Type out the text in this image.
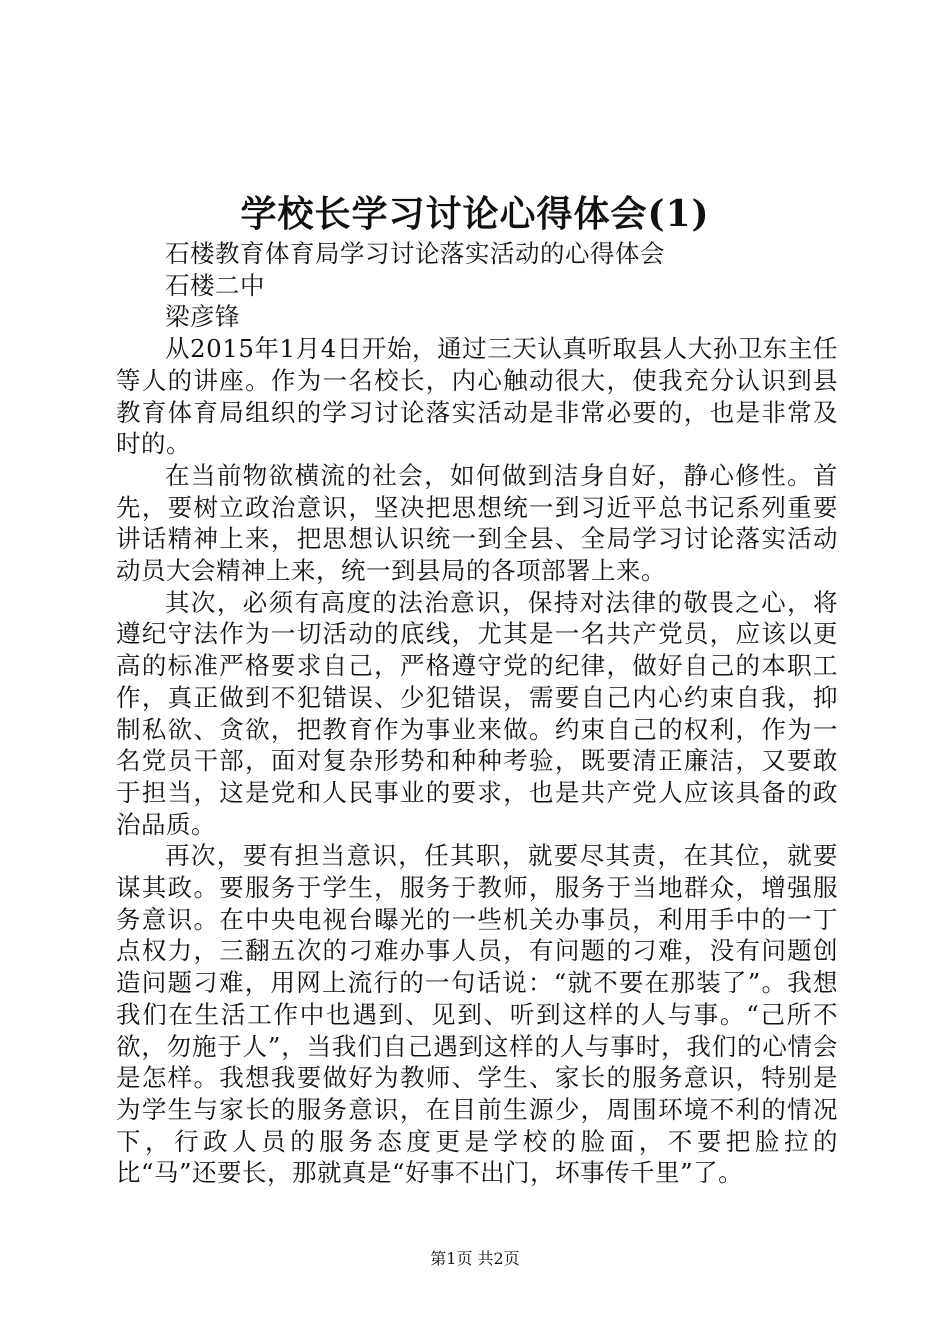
学校长学习讨论心得体会(1)

石楼教育体育局学习讨论落实活动的心得体会

石楼二中

梁彦锋

从2015年1月4日开始，通过三天认真听取县人大孙卫东主任等人的讲座。作为一名校长，内心触动很大，使我充分认识到县教育体育局组织的学习讨论落实活动是非常必要的，也是非常及时的。

在当前物欲横流的社会，如何做到洁身自好，静心修性。首先，要树立政治意识，坚决把思想统一到习近平总书记系列重要讲话精神上来，把思想认识统一到全县、全局学习讨论落实活动动员大会精神上来，统一到县局的各项部署上来。

其次，必须有高度的法治意识，保持对法律的敬畏之心，将遵纪守法作为一切活动的底线，尤其是一名共产党员，应该以更高的标准严格要求自己，严格遵守党的纪律，做好自己的本职工作，真正做到不犯错误、少犯错误，需要自己内心约束自我，抑制私欲、贪欲，把教育作为事业来做。约束自己的权利，作为一名党员干部，面对复杂形势和种种考验，既要清正廉洁，又要敢于担当，这是党和人民事业的要求，也是共产党人应该具备的政治品质。

再次，要有担当意识，任其职，就要尽其责，在其位，就要谋其政。要服务于学生，服务于教师，服务于当地群众，增强服务意识。在中央电视台曝光的一些机关办事员，利用手中的一丁点权力，三翻五次的刁难办事人员，有问题的刁难，没有问题创造问题刁难，用网上流行的一句话说：“就不要在那装了”。我想我们在生活工作中也遇到、见到、听到这样的人与事。“己所不欲，勿施于人”，当我们自己遇到这样的人与事时，我们的心情会是怎样。我想我要做好为教师、学生、家长的服务意识，特别是为学生与家长的服务意识，在目前生源少，周围环境不利的情况下，行政人员的服务态度更是学校的脸面，不要把脸拉的比“马”还要长，那就真是“好事不出门，坏事传千里”了。

第1页 共2页
